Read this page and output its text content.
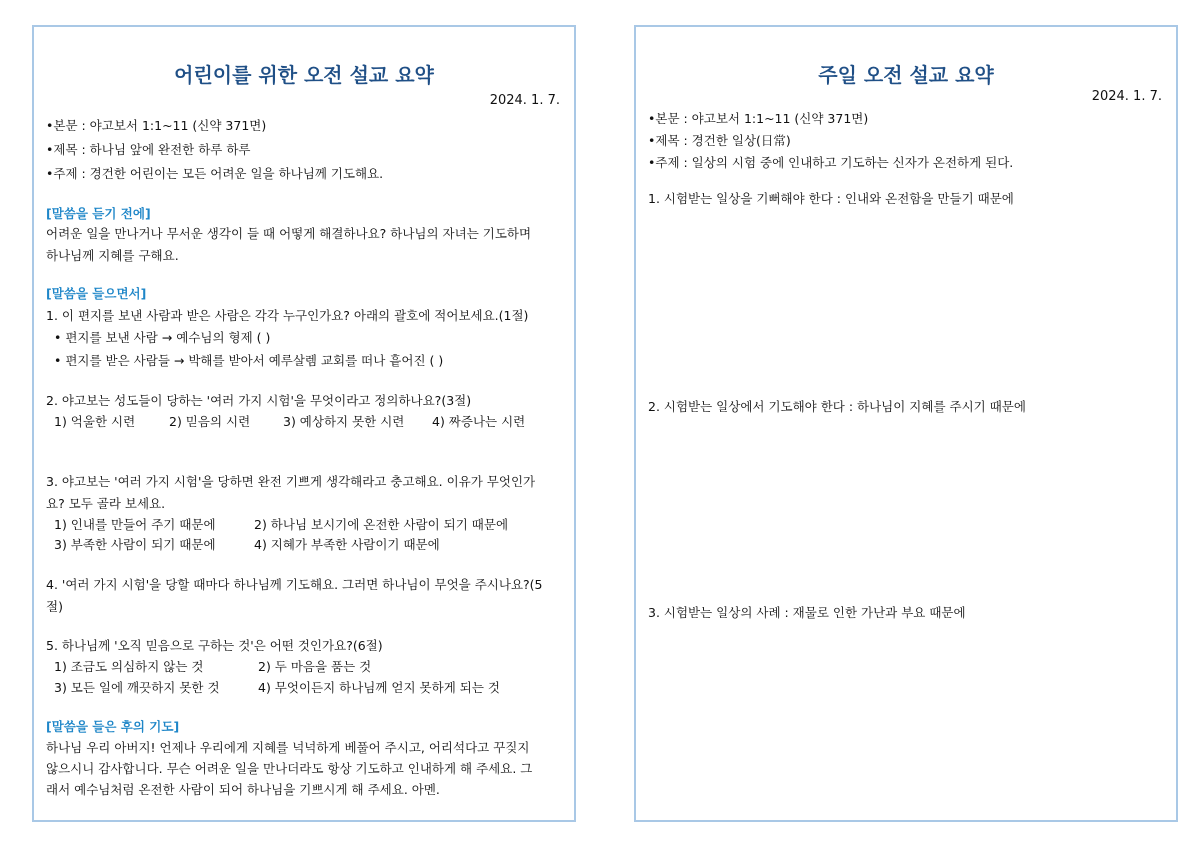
어린이를 위한 오전 설교 요약
2024. 1. 7.
•본문 : 야고보서 1:1~11 (신약 371면)
•제목 : 하나님 앞에 완전한 하루 하루
•주제 : 경건한 어린이는 모든 어려운 일을 하나님께 기도해요.
[말씀을 듣기 전에]
어려운 일을 만나거나 무서운 생각이 들 때 어떻게 해결하나요? 하나님의 자녀는 기도하며
하나님께 지혜를 구해요.
[말씀을 들으면서]
1. 이 편지를 보낸 사람과 받은 사람은 각각 누구인가요? 아래의 괄호에 적어보세요.(1절)
• 편지를 보낸 사람 → 예수님의 형제 ( )
• 편지를 받은 사람들 → 박해를 받아서 예루살렘 교회를 떠나 흩어진 ( )
2. 야고보는 성도들이 당하는 '여러 가지 시험'을 무엇이라고 정의하나요?(3절)
1) 억울한 시련	2) 믿음의 시련	3) 예상하지 못한 시련 4) 짜증나는 시련
3. 야고보는 '여러 가지 시험'을 당하면 완전 기쁘게 생각해라고 충고해요. 이유가 무엇인가
요? 모두 골라 보세요.
1) 인내를 만들어 주기 때문에	2) 하나님 보시기에 온전한 사람이 되기 때문에
3) 부족한 사람이 되기 때문에	4) 지혜가 부족한 사람이기 때문에
4. '여러 가지 시험'을 당할 때마다 하나님께 기도해요. 그러면 하나님이 무엇을 주시나요?(5
절)
5. 하나님께 '오직 믿음으로 구하는 것'은 어떤 것인가요?(6절)
1) 조금도 의심하지 않는 것	2) 두 마음을 품는 것
3) 모든 일에 깨끗하지 못한 것	4) 무엇이든지 하나님께 얻지 못하게 되는 것
[말씀을 들은 후의 기도]
하나님 우리 아버지! 언제나 우리에게 지혜를 넉넉하게 베풀어 주시고, 어리석다고 꾸짖지
않으시니 감사합니다. 무슨 어려운 일을 만나더라도 항상 기도하고 인내하게 해 주세요. 그
래서 예수님처럼 온전한 사람이 되어 하나님을 기쁘시게 해 주세요. 아멘.
주일 오전 설교 요약
2024. 1. 7.
•본문 : 야고보서 1:1~11 (신약 371면)
•제목 : 경건한 일상(日常)
•주제 : 일상의 시험 중에 인내하고 기도하는 신자가 온전하게 된다.
1. 시험받는 일상을 기뻐해야 한다 : 인내와 온전함을 만들기 때문에
2. 시험받는 일상에서 기도해야 한다 : 하나님이 지혜를 주시기 때문에
3. 시험받는 일상의 사례 : 재물로 인한 가난과 부요 때문에
